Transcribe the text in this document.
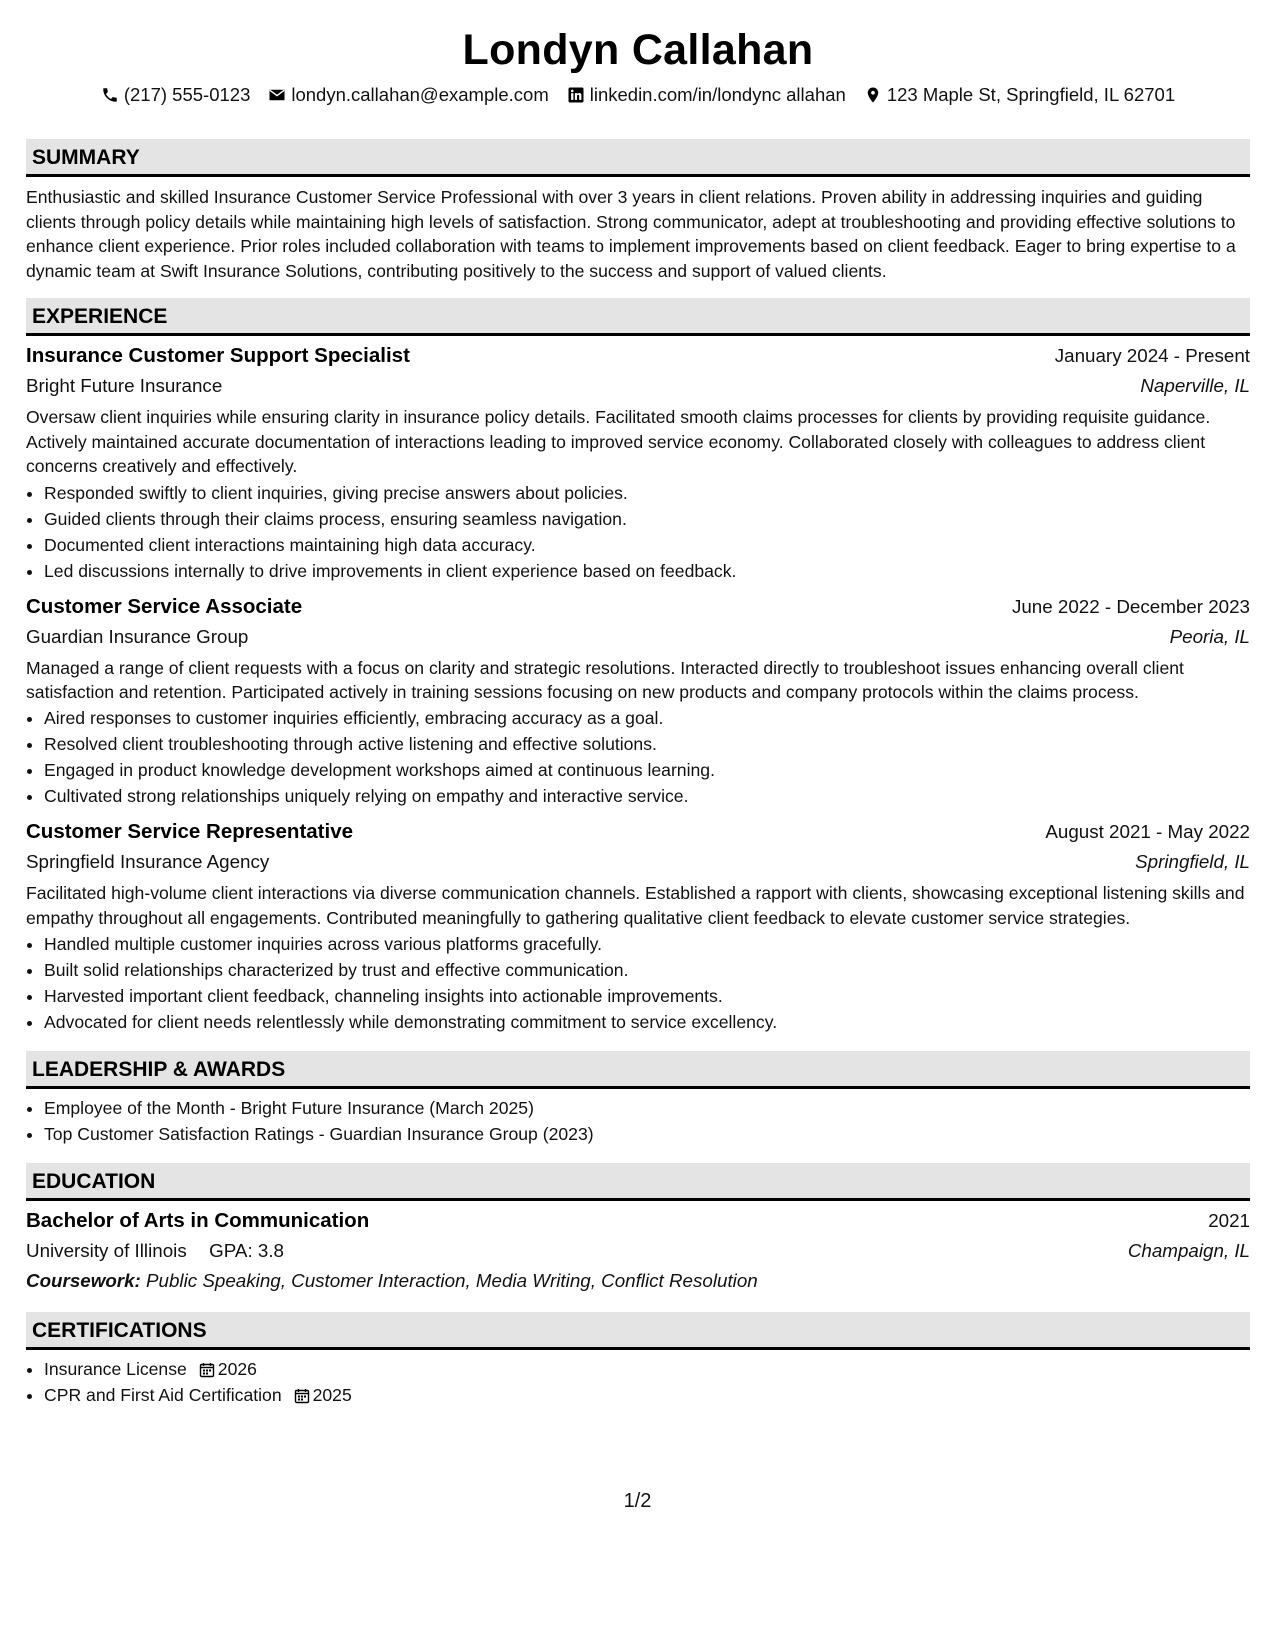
Londyn Callahan
(217) 555-0123 londyn.callahan@example.com linkedin.com/in/londync allahan 123 Maple St, Springfield, IL 62701
SUMMARY

Enthusiastic and skilled Insurance Customer Service Professional with over 3 years in client relations. Proven ability in addressing inquiries and guiding clients through policy details while maintaining high levels of satisfaction. Strong communicator, adept at troubleshooting and providing effective solutions to enhance client experience. Prior roles included collaboration with teams to implement improvements based on client feedback. Eager to bring expertise to a dynamic team at Swift Insurance Solutions, contributing positively to the success and support of valued clients.

EXPERIENCE
Insurance Customer Support Specialist	January 2024 - Present
Bright Future Insurance	Naperville, IL

Oversaw client inquiries while ensuring clarity in insurance policy details. Facilitated smooth claims processes for clients by providing requisite guidance. Actively maintained accurate documentation of interactions leading to improved service economy. Collaborated closely with colleagues to address client concerns creatively and effectively.

• Responded swiftly to client inquiries, giving precise answers about policies.
• Guided clients through their claims process, ensuring seamless navigation.
• Documented client interactions maintaining high data accuracy.
• Led discussions internally to drive improvements in client experience based on feedback.
Customer Service Associate	June 2022 - December 2023
Guardian Insurance Group	Peoria, IL

Managed a range of client requests with a focus on clarity and strategic resolutions. Interacted directly to troubleshoot issues enhancing overall client satisfaction and retention. Participated actively in training sessions focusing on new products and company protocols within the claims process.

• Aired responses to customer inquiries efficiently, embracing accuracy as a goal.
• Resolved client troubleshooting through active listening and effective solutions.
• Engaged in product knowledge development workshops aimed at continuous learning.
• Cultivated strong relationships uniquely relying on empathy and interactive service.
Customer Service Representative	August 2021 - May 2022
Springfield Insurance Agency	Springfield, IL

Facilitated high-volume client interactions via diverse communication channels. Established a rapport with clients, showcasing exceptional listening skills and empathy throughout all engagements. Contributed meaningfully to gathering qualitative client feedback to elevate customer service strategies.

• Handled multiple customer inquiries across various platforms gracefully.
• Built solid relationships characterized by trust and effective communication.
• Harvested important client feedback, channeling insights into actionable improvements.
• Advocated for client needs relentlessly while demonstrating commitment to service excellency.
LEADERSHIP & AWARDS
• Employee of the Month - Bright Future Insurance (March 2025)
• Top Customer Satisfaction Ratings - Guardian Insurance Group (2023)
EDUCATION
Bachelor of Arts in Communication	2021
University of Illinois GPA: 3.8	Champaign, IL
Coursework: Public Speaking, Customer Interaction, Media Writing, Conflict Resolution
CERTIFICATIONS
• Insurance License 2026
• CPR and First Aid Certification 2025
1/2
